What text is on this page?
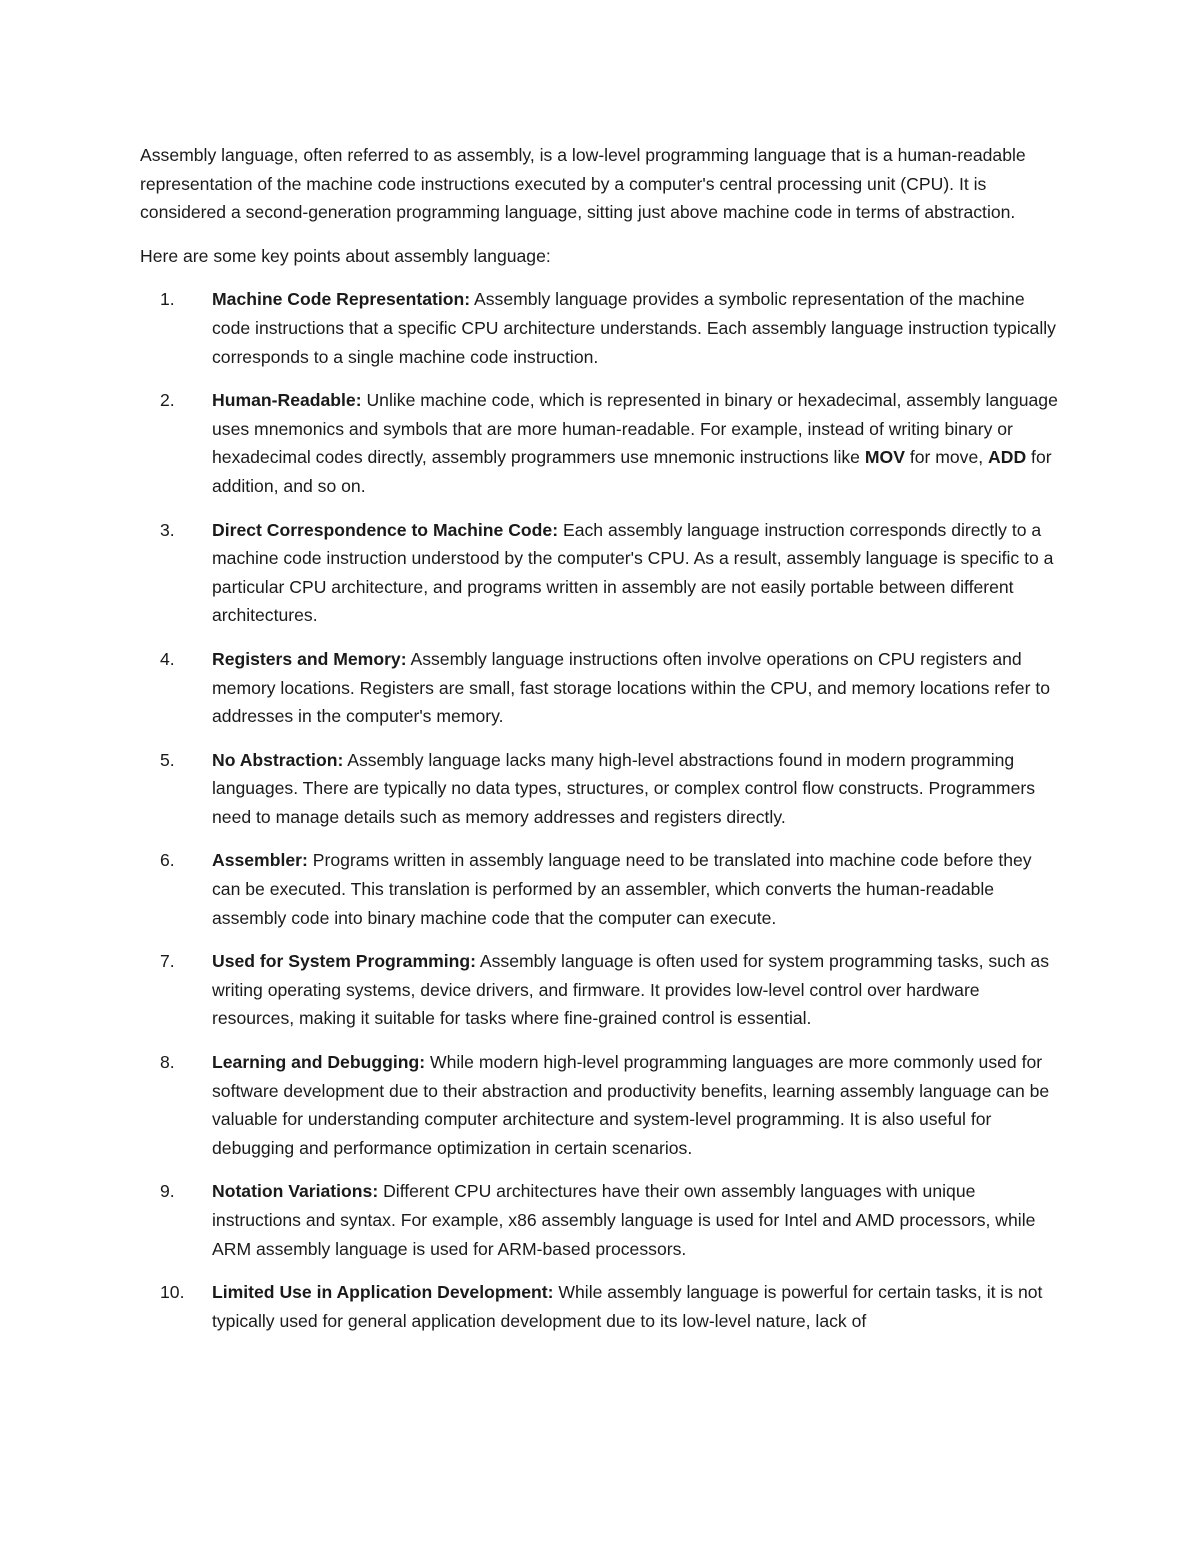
Assembly language, often referred to as assembly, is a low-level programming language that is a human-readable representation of the machine code instructions executed by a computer's central processing unit (CPU). It is considered a second-generation programming language, sitting just above machine code in terms of abstraction.

Here are some key points about assembly language:

1.	Machine Code Representation: Assembly language provides a symbolic representation of the machine code instructions that a specific CPU architecture understands. Each assembly language instruction typically corresponds to a single machine code instruction.
2.	Human-Readable: Unlike machine code, which is represented in binary or hexadecimal, assembly language uses mnemonics and symbols that are more human-readable. For example, instead of writing binary or hexadecimal codes directly, assembly programmers use mnemonic instructions like MOV for move, ADD for addition, and so on.
3.	Direct Correspondence to Machine Code: Each assembly language instruction corresponds directly to a machine code instruction understood by the computer's CPU. As a result, assembly language is specific to a particular CPU architecture, and programs written in assembly are not easily portable between different architectures.
4.	Registers and Memory: Assembly language instructions often involve operations on CPU registers and memory locations. Registers are small, fast storage locations within the CPU, and memory locations refer to addresses in the computer's memory.
5.	No Abstraction: Assembly language lacks many high-level abstractions found in modern programming languages. There are typically no data types, structures, or complex control flow constructs. Programmers need to manage details such as memory addresses and registers directly.
6.	Assembler: Programs written in assembly language need to be translated into machine code before they can be executed. This translation is performed by an assembler, which converts the human-readable assembly code into binary machine code that the computer can execute.
7.	Used for System Programming: Assembly language is often used for system programming tasks, such as writing operating systems, device drivers, and firmware. It provides low-level control over hardware resources, making it suitable for tasks where fine-grained control is essential.
8.	Learning and Debugging: While modern high-level programming languages are more commonly used for software development due to their abstraction and productivity benefits, learning assembly language can be valuable for understanding computer architecture and system-level programming. It is also useful for debugging and performance optimization in certain scenarios.
9.	Notation Variations: Different CPU architectures have their own assembly languages with unique instructions and syntax. For example, x86 assembly language is used for Intel and AMD processors, while ARM assembly language is used for ARM-based processors.
10.	Limited Use in Application Development: While assembly language is powerful for certain tasks, it is not typically used for general application development due to its low-level nature, lack of
